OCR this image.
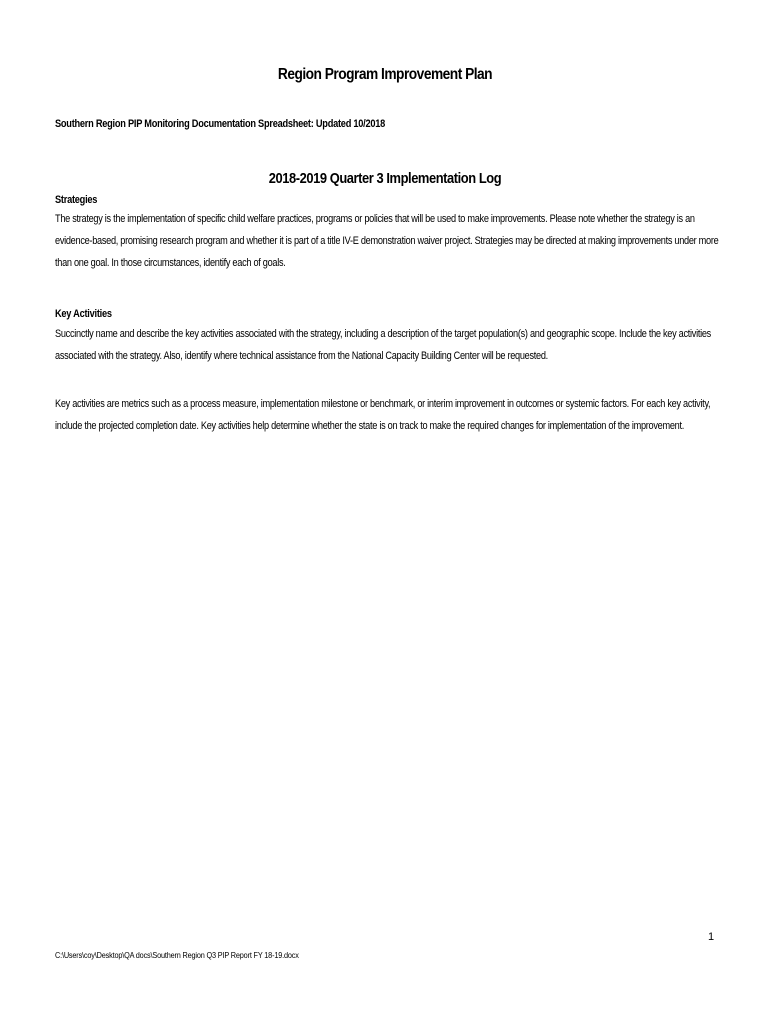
Region Program Improvement Plan
Southern Region PIP Monitoring Documentation Spreadsheet: Updated 10/2018
2018-2019 Quarter 3 Implementation Log
Strategies
The strategy is the implementation of specific child welfare practices, programs or policies that will be used to make improvements. Please note whether the strategy is an evidence-based, promising research program and whether it is part of a title IV-E demonstration waiver project. Strategies may be directed at making improvements under more than one goal. In those circumstances, identify each of goals.
Key Activities
Succinctly name and describe the key activities associated with the strategy, including a description of the target population(s) and geographic scope. Include the key activities associated with the strategy. Also, identify where technical assistance from the National Capacity Building Center will be requested.
Key activities are metrics such as a process measure, implementation milestone or benchmark, or interim improvement in outcomes or systemic factors. For each key activity, include the projected completion date. Key activities help determine whether the state is on track to make the required changes for implementation of the improvement.
1
C:\Users\coy\Desktop\QA docs\Southern Region Q3 PIP Report FY 18-19.docx
